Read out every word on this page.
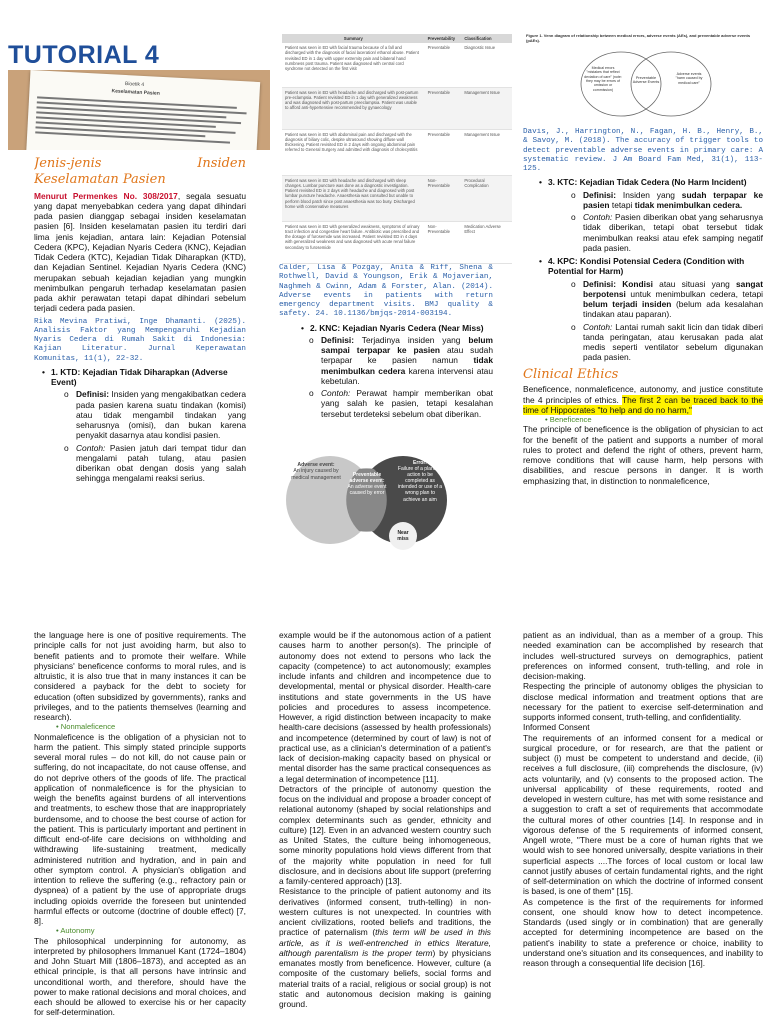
TUTORIAL 4
Bioetik 4
Keselamatan Pasien
Jenis-jenis	Insiden
Keselamatan Pasien

Menurut Permenkes No. 308/2017, segala sesuatu yang dapat menyebabkan cedera yang dapat dihindari pada pasien dianggap sebagai insiden keselamatan pasien [6]. Insiden keselamatan pasien itu terdiri dari lima jenis kejadian, antara lain: Kejadian Potensial Cedera (KPC), Kejadian Nyaris Cedera (KNC), Kejadian Tidak Cedera (KTC), Kejadian Tidak Diharapkan (KTD), dan Kejadian Sentinel. Kejadian Nyaris Cedera (KNC) merupakan sebuah kejadian kejadian yang mungkin menimbulkan pengaruh terhadap keselamatan pasien pada akhir perawatan tetapi dapat dihindari sebelum terjadi cedera pada pasien.

Rika Mevina Pratiwi, Inge Dhamanti. (2025). Analisis Faktor yang Mempengaruhi Kejadian Nyaris Cedera di Rumah Sakit di Indonesia: Kajian Literatur. Jurnal Keperawatan Komunitas, 11(1), 22-32.

• 1. KTD: Kejadian Tidak Diharapkan (Adverse Event)
o Definisi: Insiden yang mengakibatkan cedera pada pasien karena suatu tindakan (komisi) atau tidak mengambil tindakan yang seharusnya (omisi), dan bukan karena penyakit dasarnya atau kondisi pasien.
o Contoh: Pasien jatuh dari tempat tidur dan mengalami patah tulang, atau pasien diberikan obat dengan dosis yang salah sehingga mengalami reaksi serius.
Summary	Preventability	Classification
Patient was seen in ED with facial trauma because of a fall and discharged with the diagnosis of facial laceration/ ethanol abuse. Patient revisited ED in 1 day with upper extremity pain and bilateral hand numbness post trauma. Patient was diagnosed with central cord syndrome not detected on the first visit	Preventable	Diagnostic Issue
Patient was seen in ED with headache and discharged with post-partum pre-eclampsia. Patient revisited ED in 1 day with generalized weakness and was diagnosed with post-partum preeclampsia. Patient was unable to afford anti-hypertensive recommended by gynaecology	Preventable	Management Issue
Patient was seen in ED with abdominal pain and discharged with the diagnosis of biliary colic, despite ultrasound showing diffuse wall thickening. Patient revisited ED in 2 days with ongoing abdominal pain referred to General Surgery and admitted with diagnosis of cholecystitis	Preventable	Management Issue
Patient was seen in ED with headache and discharged with sleep changes. Lumbar puncture was done as a diagnostic investigation. Patient revisited ED in 2 days with headache and diagnosed with post lumbar puncture headache. Anaesthesia was consulted but unable to perform blood patch since post anaesthesia was too busy. Discharged home with conservative measures	Non-Preventable	Procedural Complication
Patient was seen in ED with generalized weakness, symptoms of urinary tract infection and congestive heart failure. Antibiotic was prescribed and the dosage of furosemide was increased. Patient revisited ED in 4 days with generalized weakness and was diagnosed with acute renal failure secondary to furosemide	Non-Preventable	Medication Adverse Effect

Calder, Lisa & Pozgay, Anita & Riff, Shena & Rothwell, David & Youngson, Erik & Mojaverian, Naghmeh & Cwinn, Adam & Forster, Alan. (2014). Adverse events in patients with return emergency department visits. BMJ quality & safety. 24. 10.1136/bmjqs-2014-003194.

• 2. KNC: Kejadian Nyaris Cedera (Near Miss)
o Definisi: Terjadinya insiden yang belum sampai terpapar ke pasien atau sudah terpapar ke pasien namun tidak menimbulkan cedera karena intervensi atau kebetulan.
o Contoh: Perawat hampir memberikan obat yang salah ke pasien, tetapi kesalahan tersebut terdeteksi sebelum obat diberikan.
Adverse event:
An injury caused by medical management	Preventable adverse event:
An adverse event caused by error
Error:
Failure of a planned action to be completed as intended or use of a wrong plan to achieve an aim
Near miss
Figure 1. Venn diagram of relationship between medical errors, adverse events (AEs), and preventable adverse events (pAEs).
Medical errors
"mistakes that reflect deviation of care" (note: they may be errors of omission or commission)
Preventable Adverse Events
Adverse events
"harm caused by medical care"

Davis, J., Harrington, N., Fagan, H. B., Henry, B., & Savoy, M. (2018). The accuracy of trigger tools to detect preventable adverse events in primary care: A systematic review. J Am Board Fam Med, 31(1), 113-125.

• 3. KTC: Kejadian Tidak Cedera (No Harm Incident)
o Definisi: Insiden yang sudah terpapar ke pasien tetapi tidak menimbulkan cedera.
o Contoh: Pasien diberikan obat yang seharusnya tidak diberikan, tetapi obat tersebut tidak menimbulkan reaksi atau efek samping negatif pada pasien.
• 4. KPC: Kondisi Potensial Cedera (Condition with Potential for Harm)
o Definisi: Kondisi atau situasi yang sangat berpotensi untuk menimbulkan cedera, tetapi belum terjadi insiden (belum ada kesalahan tindakan atau paparan).
o Contoh: Lantai rumah sakit licin dan tidak diberi tanda peringatan, atau kerusakan pada alat medis seperti ventilator sebelum digunakan pada pasien.
Clinical Ethics

Beneficence, nonmaleficence, autonomy, and justice constitute the 4 principles of ethics. The first 2 can be traced back to the time of Hippocrates "to help and do no harm,"

• Beneficence

The principle of beneficence is the obligation of physician to act for the benefit of the patient and supports a number of moral rules to protect and defend the right of others, prevent harm, remove conditions that will cause harm, help persons with disabilities, and rescue persons in danger. It is worth emphasizing that, in distinction to nonmaleficence,

the language here is one of positive requirements. The principle calls for not just avoiding harm, but also to benefit patients and to promote their welfare. While physicians' beneficence conforms to moral rules, and is altruistic, it is also true that in many instances it can be considered a payback for the debt to society for education (often subsidized by governments), ranks and privileges, and to the patients themselves (learning and research).

• Nonmaleficence

Nonmaleficence is the obligation of a physician not to harm the patient. This simply stated principle supports several moral rules – do not kill, do not cause pain or suffering, do not incapacitate, do not cause offense, and do not deprive others of the goods of life. The practical application of nonmaleficence is for the physician to weigh the benefits against burdens of all interventions and treatments, to eschew those that are inappropriately burdensome, and to choose the best course of action for the patient. This is particularly important and pertinent in difficult end-of-life care decisions on withholding and withdrawing life-sustaining treatment, medically administered nutrition and hydration, and in pain and other symptom control. A physician's obligation and intention to relieve the suffering (e.g., refractory pain or dyspnea) of a patient by the use of appropriate drugs including opioids override the foreseen but unintended harmful effects or outcome (doctrine of double effect) [7, 8].

• Autonomy

The philosophical underpinning for autonomy, as interpreted by philosophers Immanuel Kant (1724–1804) and John Stuart Mill (1806–1873), and accepted as an ethical principle, is that all persons have intrinsic and unconditional worth, and therefore, should have the power to make rational decisions and moral choices, and each should be allowed to exercise his or her capacity for self-determination.

example would be if the autonomous action of a patient causes harm to another person(s). The principle of autonomy does not extend to persons who lack the capacity (competence) to act autonomously; examples include infants and children and incompetence due to developmental, mental or physical disorder. Health-care institutions and state governments in the US have policies and procedures to assess incompetence. However, a rigid distinction between incapacity to make health-care decisions (assessed by health professionals) and incompetence (determined by court of law) is not of practical use, as a clinician's determination of a patient's lack of decision-making capacity based on physical or mental disorder has the same practical consequences as a legal determination of incompetence [11].

Detractors of the principle of autonomy question the focus on the individual and propose a broader concept of relational autonomy (shaped by social relationships and complex determinants such as gender, ethnicity and culture) [12]. Even in an advanced western country such as United States, the culture being inhomogeneous, some minority populations hold views different from that of the majority white population in need for full disclosure, and in decisions about life support (preferring a family-centered approach) [13].

Resistance to the principle of patient autonomy and its derivatives (informed consent, truth-telling) in non-western cultures is not unexpected. In countries with ancient civilizations, rooted beliefs and traditions, the practice of paternalism (this term will be used in this article, as it is well-entrenched in ethics literature, although parentalism is the proper term) by physicians emanates mostly from beneficence. However, culture (a composite of the customary beliefs, social forms and material traits of a racial, religious or social group) is not static and autonomous decision making is gaining ground.

patient as an individual, than as a member of a group. This needed examination can be accomplished by research that includes well-structured surveys on demographics, patient preferences on informed consent, truth-telling, and role in decision-making.

Respecting the principle of autonomy obliges the physician to disclose medical information and treatment options that are necessary for the patient to exercise self-determination and supports informed consent, truth-telling, and confidentiality.

Informed Consent

The requirements of an informed consent for a medical or surgical procedure, or for research, are that the patient or subject (i) must be competent to understand and decide, (ii) receives a full disclosure, (iii) comprehends the disclosure, (iv) acts voluntarily, and (v) consents to the proposed action. The universal applicability of these requirements, rooted and developed in western culture, has met with some resistance and a suggestion to craft a set of requirements that accommodate the cultural mores of other countries [14]. In response and in vigorous defense of the 5 requirements of informed consent, Angell wrote, "There must be a core of human rights that we would wish to see honored universally, despite variations in their superficial aspects ....The forces of local custom or local law cannot justify abuses of certain fundamental rights, and the right of self-determination on which the doctrine of informed consent is based, is one of them" [15].

As competence is the first of the requirements for informed consent, one should know how to detect incompetence. Standards (used singly or in combination) that are generally accepted for determining incompetence are based on the patient's inability to state a preference or choice, inability to understand one's situation and its consequences, and inability to reason through a consequential life decision [16].
